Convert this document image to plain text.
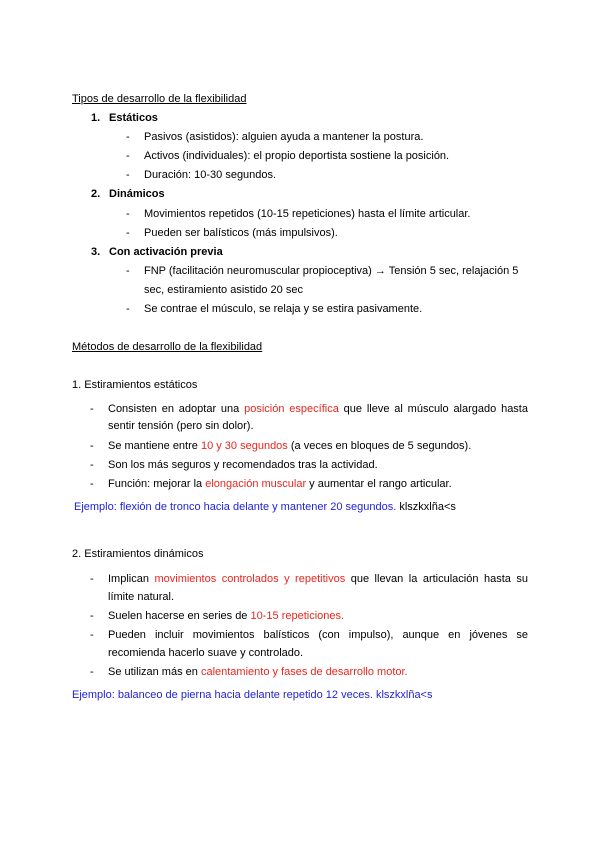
Tipos de desarrollo de la flexibilidad
1. Estáticos
- Pasivos (asistidos): alguien ayuda a mantener la postura.
- Activos (individuales): el propio deportista sostiene la posición.
- Duración: 10-30 segundos.
2. Dinámicos
- Movimientos repetidos (10-15 repeticiones) hasta el límite articular.
- Pueden ser balísticos (más impulsivos).
3. Con activación previa
- FNP (facilitación neuromuscular propioceptiva) → Tensión 5 sec, relajación 5
sec, estiramiento asistido 20 sec
- Se contrae el músculo, se relaja y se estira pasivamente.
Métodos de desarrollo de la flexibilidad
1. Estiramientos estáticos
- Consisten en adoptar una posición específica que lleve al músculo alargado hasta
sentir tensión (pero sin dolor).
- Se mantiene entre 10 y 30 segundos (a veces en bloques de 5 segundos).
- Son los más seguros y recomendados tras la actividad.
- Función: mejorar la elongación muscular y aumentar el rango articular.
Ejemplo: flexión de tronco hacia delante y mantener 20 segundos. klszkxlña<s
2. Estiramientos dinámicos
- Implican movimientos controlados y repetitivos que llevan la articulación hasta su
límite natural.
- Suelen hacerse en series de 10-15 repeticiones.
- Pueden incluir movimientos balísticos (con impulso), aunque en jóvenes se
recomienda hacerlo suave y controlado.
- Se utilizan más en calentamiento y fases de desarrollo motor.
Ejemplo: balanceo de pierna hacia delante repetido 12 veces. klszkxlña<s
